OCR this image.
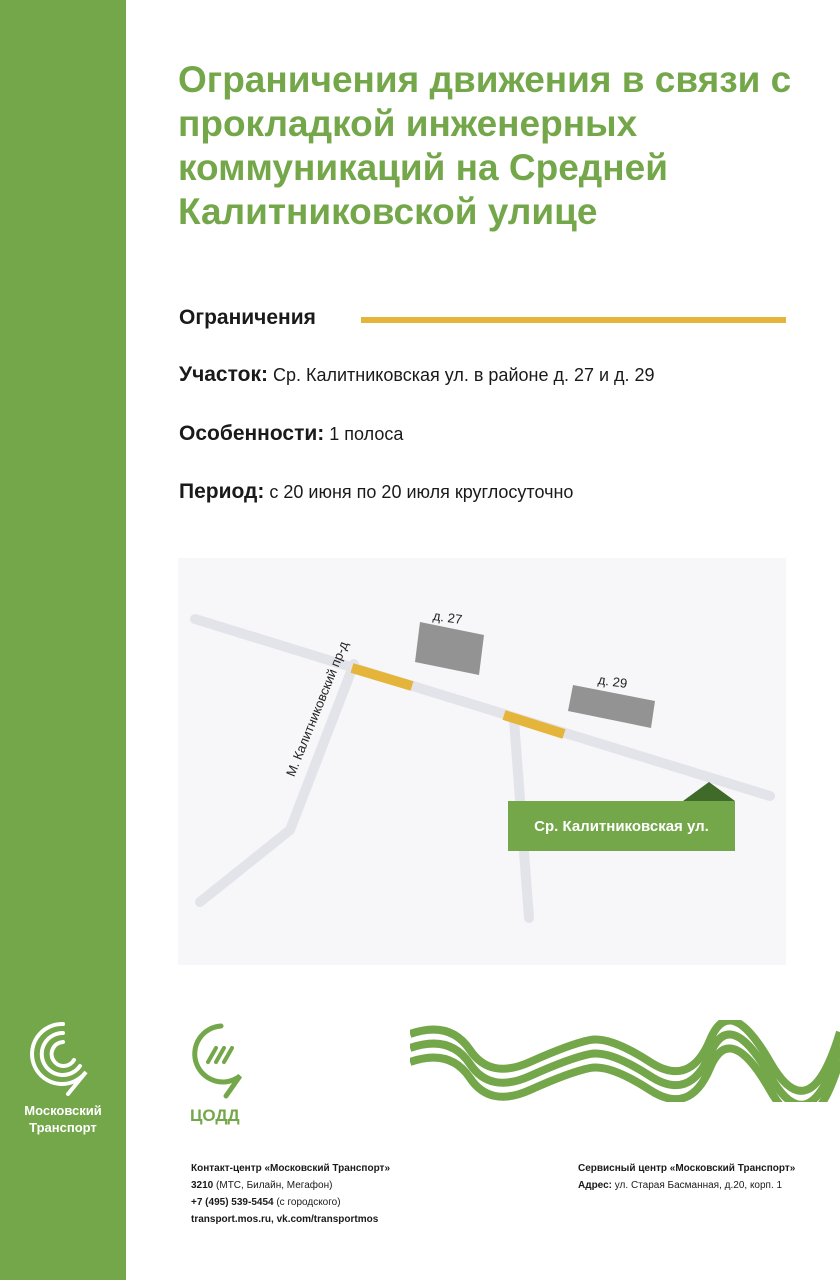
Московский
Транспорт
Ограничения движения в связи с прокладкой инженерных коммуникаций на Средней Калитниковской улице
Ограничения
Участок: Ср. Калитниковская ул. в районе д. 27 и д. 29
Особенности: 1 полоса
Период: с 20 июня по 20 июля круглосуточно
д. 27
д. 29
М. Калитниковский пр-д
Ср. Калитниковская ул.
ЦОДД
Контакт-центр «Московский Транспорт»
3210 (МТС, Билайн, Мегафон)
+7 (495) 539-5454 (с городского)
transport.mos.ru, vk.com/transportmos
Сервисный центр «Московский Транспорт»
Адрес: ул. Старая Басманная, д.20, корп. 1
